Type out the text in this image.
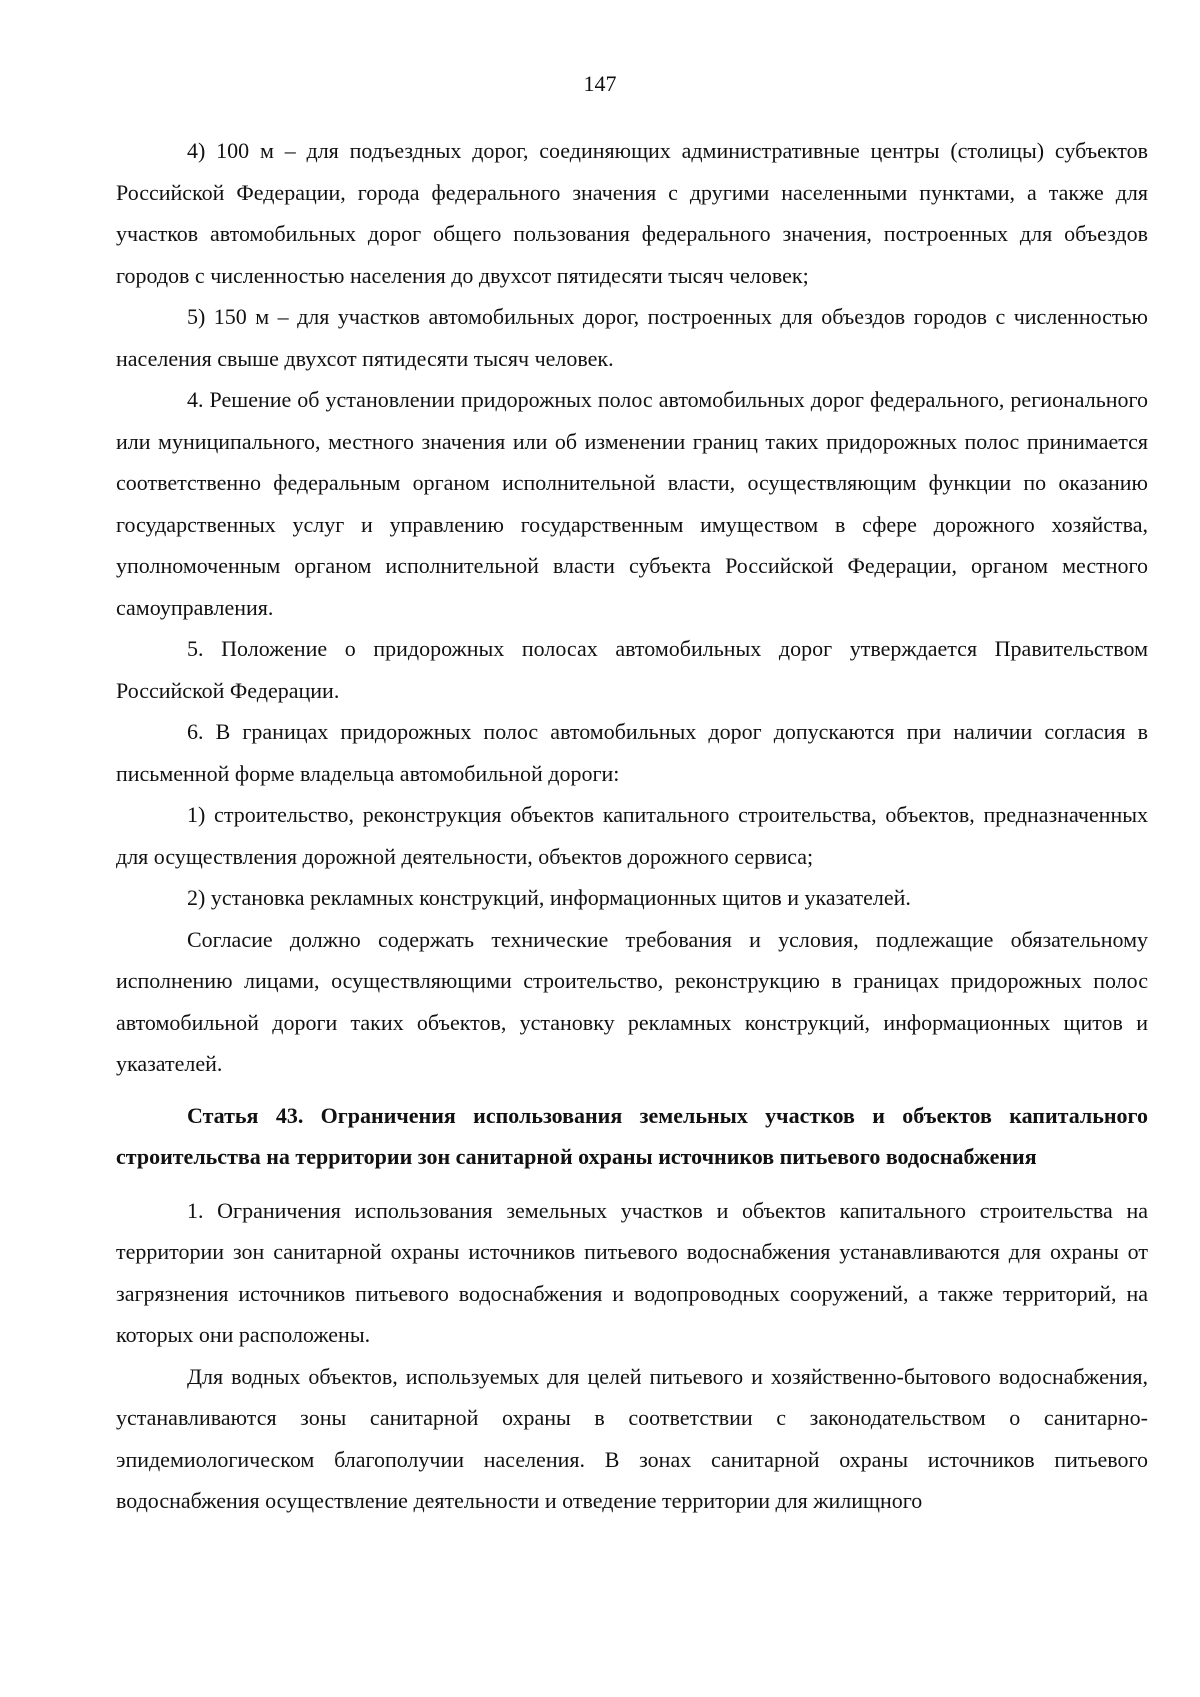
147

4) 100 м – для подъездных дорог, соединяющих административные центры (столицы) субъектов Российской Федерации, города федерального значения с другими населенными пунктами, а также для участков автомобильных дорог общего пользования федерального значения, построенных для объездов городов с численностью населения до двухсот пятидесяти тысяч человек;

5) 150 м – для участков автомобильных дорог, построенных для объездов городов с численностью населения свыше двухсот пятидесяти тысяч человек.

4. Решение об установлении придорожных полос автомобильных дорог федерального, регионального или муниципального, местного значения или об изменении границ таких придорожных полос принимается соответственно федеральным органом исполнительной власти, осуществляющим функции по оказанию государственных услуг и управлению государственным имуществом в сфере дорожного хозяйства, уполномоченным органом исполнительной власти субъекта Российской Федерации, органом местного самоуправления.

5. Положение о придорожных полосах автомобильных дорог утверждается Правительством Российской Федерации.

6. В границах придорожных полос автомобильных дорог допускаются при наличии согласия в письменной форме владельца автомобильной дороги:

1) строительство, реконструкция объектов капитального строительства, объектов, предназначенных для осуществления дорожной деятельности, объектов дорожного сервиса;

2) установка рекламных конструкций, информационных щитов и указателей.

Согласие должно содержать технические требования и условия, подлежащие обязательному исполнению лицами, осуществляющими строительство, реконструкцию в границах придорожных полос автомобильной дороги таких объектов, установку рекламных конструкций, информационных щитов и указателей.

Статья 43. Ограничения использования земельных участков и объектов капитального строительства на территории зон санитарной охраны источников питьевого водоснабжения

1. Ограничения использования земельных участков и объектов капитального строительства на территории зон санитарной охраны источников питьевого водоснабжения устанавливаются для охраны от загрязнения источников питьевого водоснабжения и водопроводных сооружений, а также территорий, на которых они расположены.

Для водных объектов, используемых для целей питьевого и хозяйственно-бытового водоснабжения, устанавливаются зоны санитарной охраны в соответствии с законодательством о санитарно-эпидемиологическом благополучии населения. В зонах санитарной охраны источников питьевого водоснабжения осуществление деятельности и отведение территории для жилищного
